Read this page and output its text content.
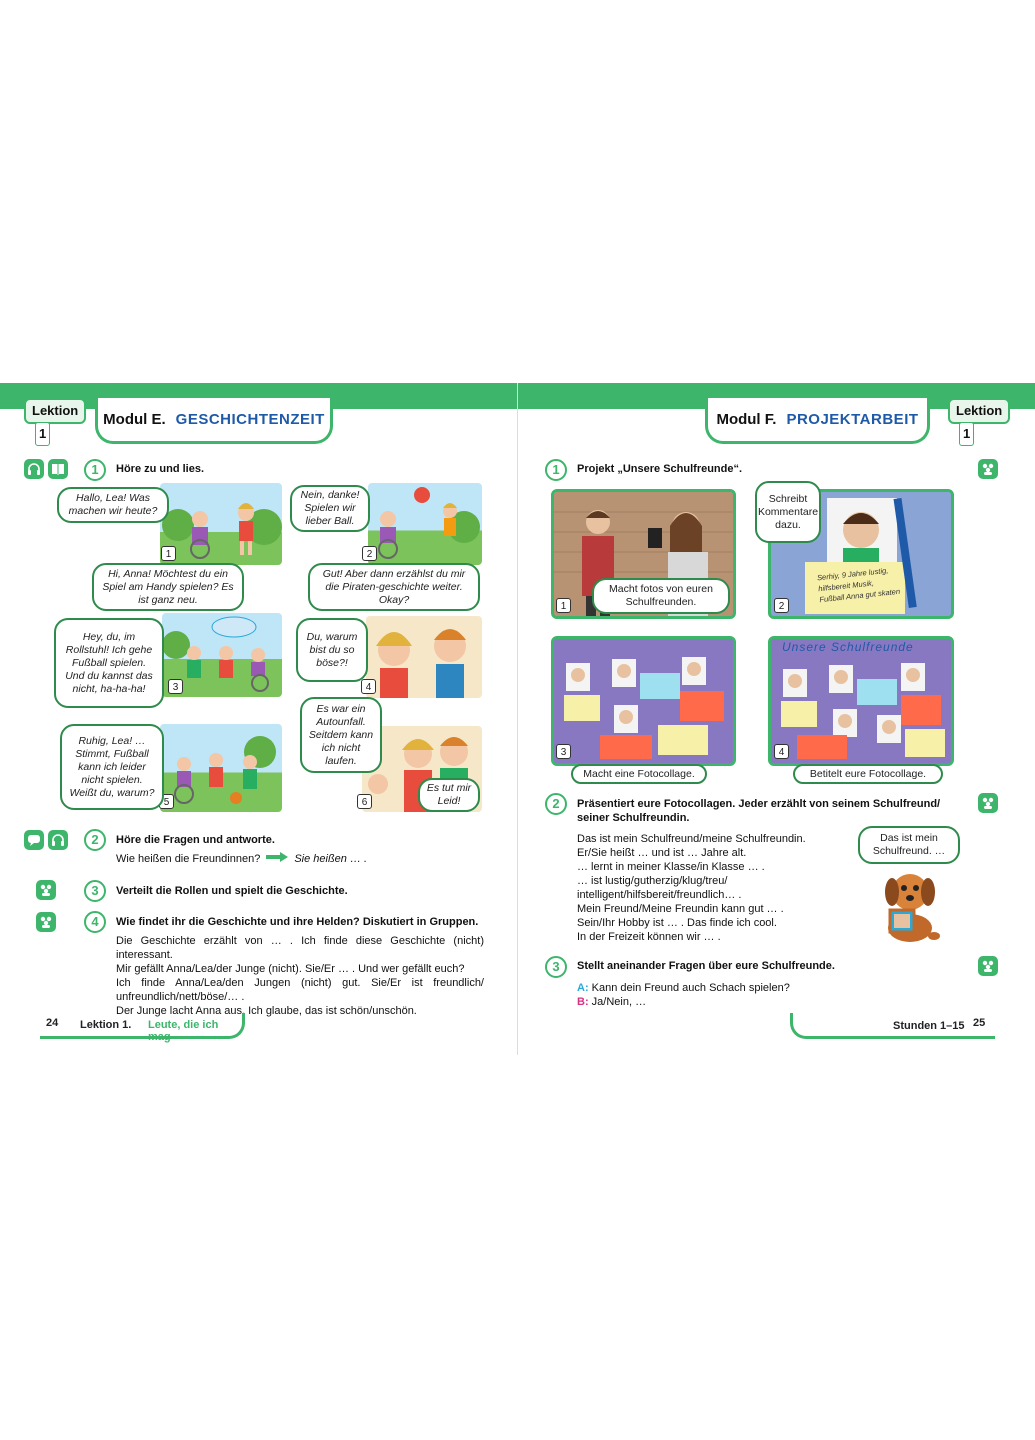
Lektion1
Modul E. GESCHICHTENZEIT	Modul F. PROJEKTARBEIT
Lektion1
1	Höre zu und lies.
1	2
3	4
5	6
Hallo, Lea! Was machen wir heute?
Nein, danke! Spielen wir lieber Ball.
Hi, Anna! Möchtest du ein Spiel am Handy spielen? Es ist ganz neu.
Gut! Aber dann erzählst du mir die Piraten-geschichte weiter. Okay?
Hey, du, im Rollstuhl! Ich gehe Fußball spielen. Und du kannst das nicht, ha-ha-ha!
Du, warum bist du so böse?!
Es war ein Autounfall. Seitdem kann ich nicht laufen.
Ruhig, Lea! … Stimmt, Fußball kann ich leider nicht spielen. Weißt du, warum?	Es tut mir Leid!
2	Höre die Fragen und antworte.
Wie heißen die Freundinnen?	Sie heißen … .
3	Verteilt die Rollen und spielt die Geschichte.
4	Wie findet ihr die Geschichte und ihre Helden? Diskutiert in Gruppen.
Die Geschichte erzählt von … . Ich finde diese Geschichte (nicht) interessant.
Mir gefällt Anna/Lea/der Junge (nicht). Sie/Er … . Und wer gefällt euch?
Ich finde Anna/Lea/den Jungen (nicht) gut. Sie/Er ist freundlich/ unfreundlich/nett/böse/… .
Der Junge lacht Anna aus. Ich glaube, das ist schön/unschön.
24 Lektion 1. Leute, die ich mag
1	Projekt „Unsere Schulfreunde“.
1
Macht fotos von euren Schulfreunden.	2
Schreibt Kommentare dazu.
Serhiy, 9 Jahre lustig, hilfsbereit Musik, Fußball Anna gut skaten
3
Macht eine Fotocollage.
Unsere Schulfreunde
4
Betitelt eure Fotocollage.
2	Präsentiert eure Fotocollagen. Jeder erzählt von seinem Schulfreund/ seiner Schulfreundin.
Das ist mein Schulfreund/meine Schulfreundin.
Er/Sie heißt … und ist … Jahre alt.
… lernt in meiner Klasse/in Klasse … .
… ist lustig/gutherzig/klug/treu/
intelligent/hilfsbereit/freundlich… .
Mein Freund/Meine Freundin kann gut … .
Sein/Ihr Hobby ist … . Das finde ich cool.
In der Freizeit können wir … .
Das ist mein Schulfreund. …
3	Stellt aneinander Fragen über eure Schulfreunde.
A: Kann dein Freund auch Schach spielen?
B: Ja/Nein, …
Stunden 1–15 25
